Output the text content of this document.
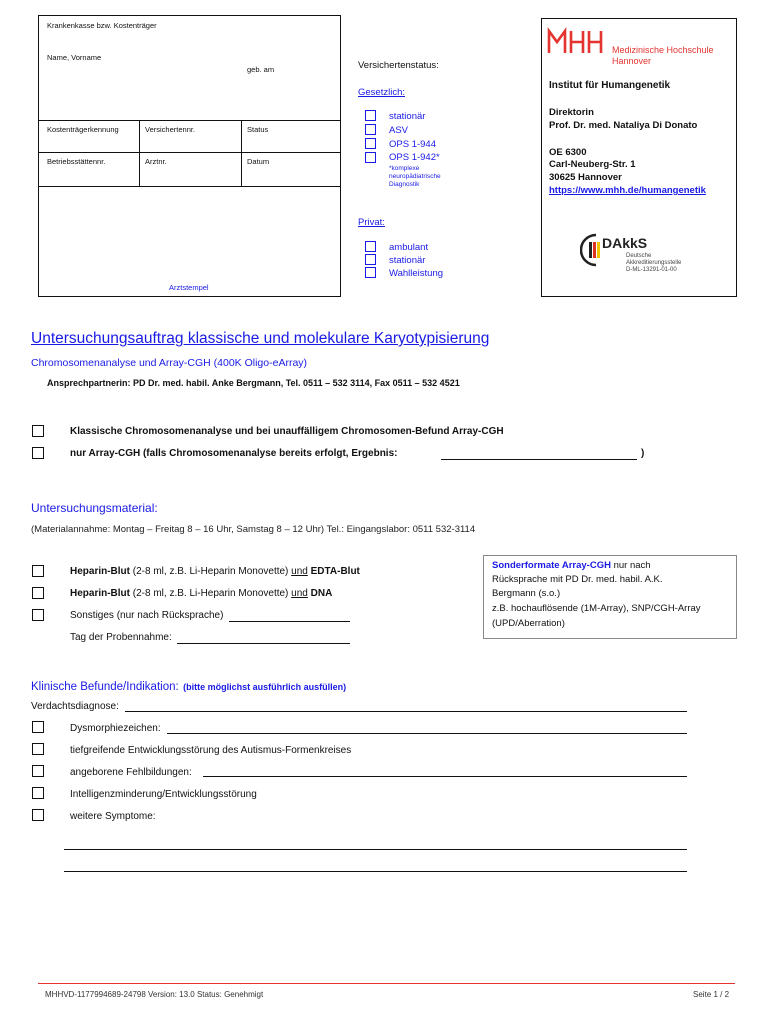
Krankenkasse bzw. Kostenträger
Name, Vorname
geb. am
Kostenträgerkennung	Versichertennr.	Status
Betriebsstättennr.	Arztnr.	Datum
Arztstempel
Versichertenstatus:
Gesetzlich:
stationär
ASV
OPS 1-944
OPS 1-942*
*komplexe
neuropädiatrische
Diagnostik
Privat:
ambulant
stationär
Wahlleistung
Medizinische Hochschule
Hannover
Institut für Humangenetik
Direktorin
Prof. Dr. med. Nataliya Di Donato
OE 6300
Carl-Neuberg-Str. 1
30625 Hannover
https://www.mhh.de/humangenetik
DAkkS
Deutsche
Akkreditierungsstelle
D-ML-13291-01-00
Untersuchungsauftrag klassische und molekulare Karyotypisierung
Chromosomenanalyse und Array-CGH (400K Oligo-eArray)
Ansprechpartnerin: PD Dr. med. habil. Anke Bergmann, Tel. 0511 – 532 3114, Fax 0511 – 532 4521
Klassische Chromosomenanalyse und bei unauffälligem Chromosomen-Befund Array-CGH
nur Array-CGH (falls Chromosomenanalyse bereits erfolgt, Ergebnis:	)
Untersuchungsmaterial:
(Materialannahme: Montag – Freitag 8 – 16 Uhr, Samstag 8 – 12 Uhr) Tel.: Eingangslabor: 0511 532-3114
Heparin-Blut (2-8 ml, z.B. Li-Heparin Monovette) und EDTA-Blut
Heparin-Blut (2-8 ml, z.B. Li-Heparin Monovette) und DNA
Sonstiges (nur nach Rücksprache)
Tag der Probennahme:
Sonderformate Array-CGH nur nach
Rücksprache mit PD Dr. med. habil. A.K.
Bergmann (s.o.)
z.B. hochauflösende (1M-Array), SNP/CGH-Array
(UPD/Aberration)
Klinische Befunde/Indikation: (bitte möglichst ausführlich ausfüllen)
Verdachtsdiagnose:
Dysmorphiezeichen:
tiefgreifende Entwicklungsstörung des Autismus-Formenkreises
angeborene Fehlbildungen:
Intelligenzminderung/Entwicklungsstörung
weitere Symptome:
MHHVD-1177994689-24798 Version: 13.0 Status: Genehmigt	Seite 1 / 2
